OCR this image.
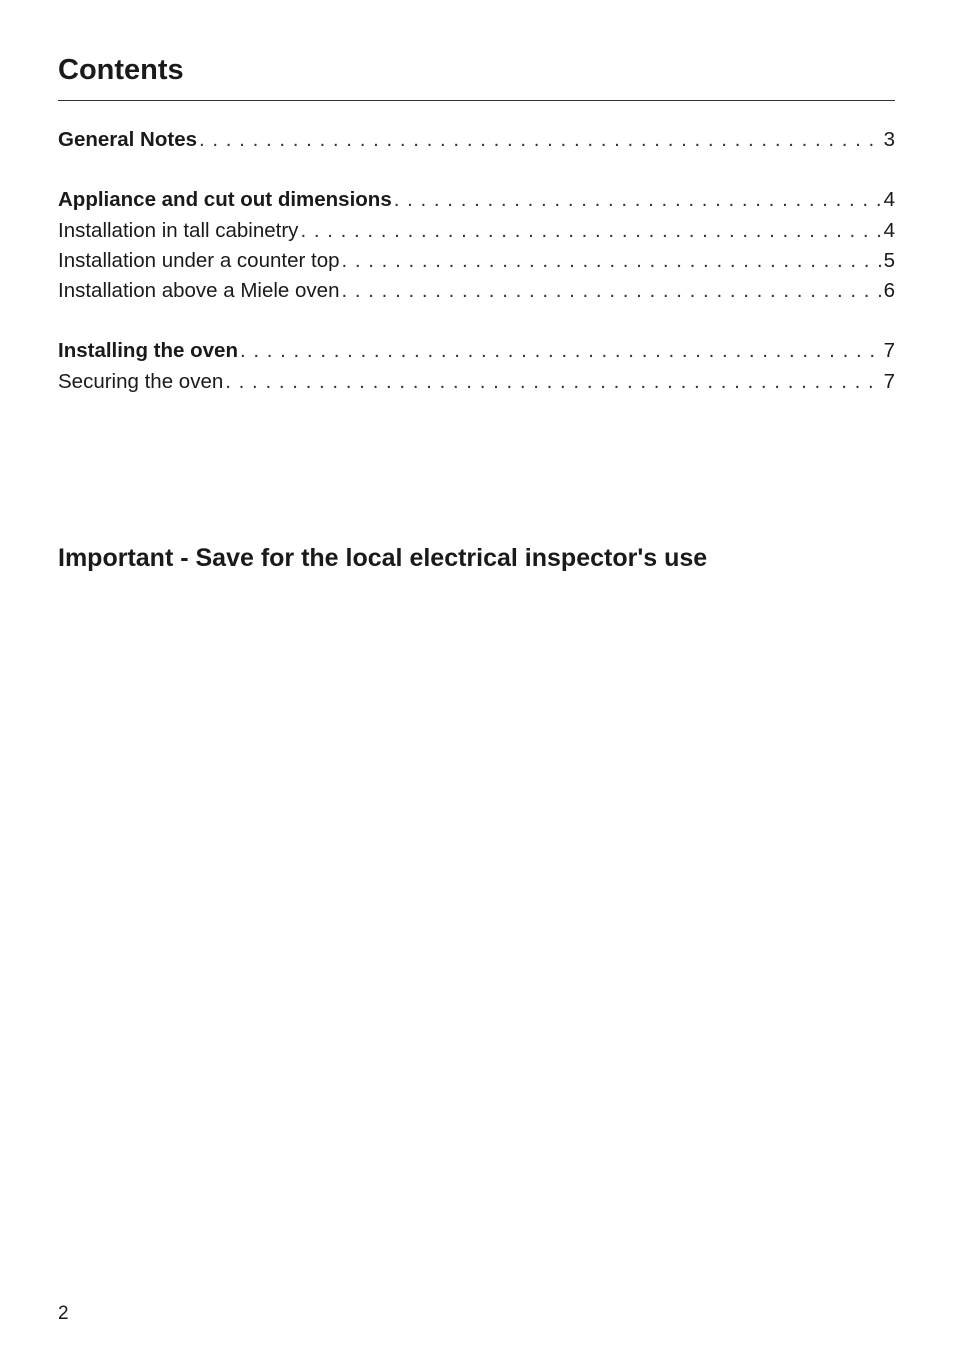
Contents
General Notes . . .	3
Appliance and cut out dimensions . . .	4
Installation in tall cabinetry . . .	4
Installation under a counter top . . .	5
Installation above a Miele oven . . .	6
Installing the oven . . .	7
Securing the oven . . .	7
Important - Save for the local electrical inspector's use
2
